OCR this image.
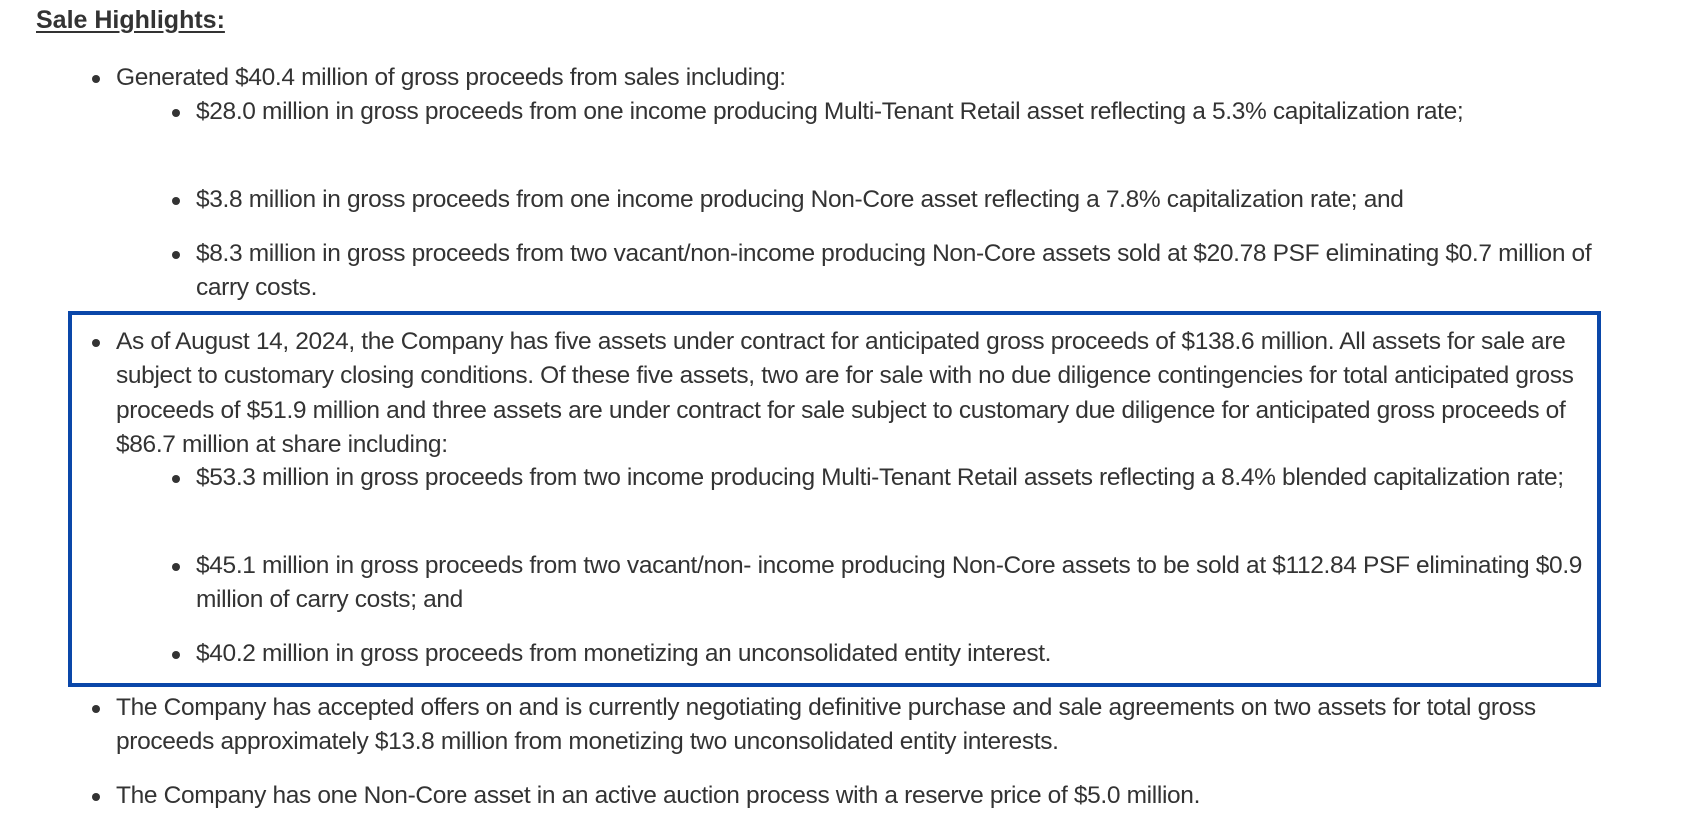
Sale Highlights:
Generated $40.4 million of gross proceeds from sales including:
$28.0 million in gross proceeds from one income producing Multi-Tenant Retail asset reflecting a 5.3% capitalization rate;
$3.8 million in gross proceeds from one income producing Non-Core asset reflecting a 7.8% capitalization rate; and
$8.3 million in gross proceeds from two vacant/non-income producing Non-Core assets sold at $20.78 PSF eliminating $0.7 million of carry costs.
As of August 14, 2024, the Company has five assets under contract for anticipated gross proceeds of $138.6 million. All assets for sale are subject to customary closing conditions. Of these five assets, two are for sale with no due diligence contingencies for total anticipated gross proceeds of $51.9 million and three assets are under contract for sale subject to customary due diligence for anticipated gross proceeds of $86.7 million at share including:
$53.3 million in gross proceeds from two income producing Multi-Tenant Retail assets reflecting a 8.4% blended capitalization rate;
$45.1 million in gross proceeds from two vacant/non- income producing Non-Core assets to be sold at $112.84 PSF eliminating $0.9 million of carry costs; and
$40.2 million in gross proceeds from monetizing an unconsolidated entity interest.
The Company has accepted offers on and is currently negotiating definitive purchase and sale agreements on two assets for total gross proceeds approximately $13.8 million from monetizing two unconsolidated entity interests.
The Company has one Non-Core asset in an active auction process with a reserve price of $5.0 million.
